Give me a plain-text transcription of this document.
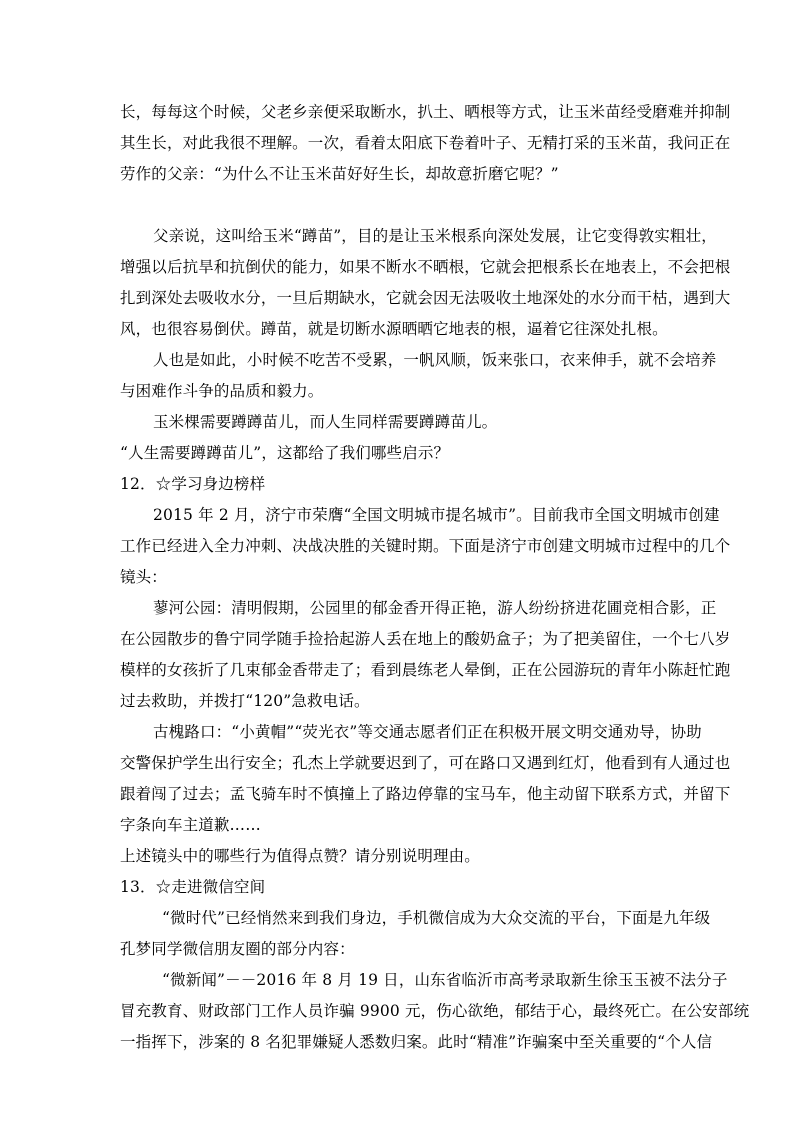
长，每每这个时候，父老乡亲便采取断水，扒土、晒根等方式，让玉米苗经受磨难并抑制
其生长，对此我很不理解。一次，看着太阳底下卷着叶子、无精打采的玉米苗，我问正在
劳作的父亲：“为什么不让玉米苗好好生长，却故意折磨它呢？”
父亲说，这叫给玉米“蹲苗”，目的是让玉米根系向深处发展，让它变得敦实粗壮，
增强以后抗旱和抗倒伏的能力，如果不断水不晒根，它就会把根系长在地表上，不会把根
扎到深处去吸收水分，一旦后期缺水，它就会因无法吸收土地深处的水分而干枯，遇到大
风，也很容易倒伏。蹲苗，就是切断水源晒晒它地表的根，逼着它往深处扎根。
人也是如此，小时候不吃苦不受累，一帆风顺，饭来张口，衣来伸手，就不会培养
与困难作斗争的品质和毅力。
玉米棵需要蹲蹲苗儿，而人生同样需要蹲蹲苗儿。
“人生需要蹲蹲苗儿”，这都给了我们哪些启示？
12．☆学习身边榜样
2015 年 2 月，济宁市荣膺“全国文明城市提名城市”。目前我市全国文明城市创建
工作已经进入全力冲刺、决战决胜的关键时期。下面是济宁市创建文明城市过程中的几个
镜头：
蓼河公园：清明假期，公园里的郁金香开得正艳，游人纷纷挤进花圃竞相合影，正
在公园散步的鲁宁同学随手捡拾起游人丢在地上的酸奶盒子；为了把美留住，一个七八岁
模样的女孩折了几束郁金香带走了；看到晨练老人晕倒，正在公园游玩的青年小陈赶忙跑
过去救助，并拨打“120”急救电话。
古槐路口：“小黄帽”“荧光衣”等交通志愿者们正在积极开展文明交通劝导，协助
交警保护学生出行安全；孔杰上学就要迟到了，可在路口又遇到红灯，他看到有人通过也
跟着闯了过去；孟飞骑车时不慎撞上了路边停靠的宝马车，他主动留下联系方式，并留下
字条向车主道歉……
上述镜头中的哪些行为值得点赞？请分别说明理由。
13．☆走进微信空间
“微时代”已经悄然来到我们身边，手机微信成为大众交流的平台，下面是九年级
孔梦同学微信朋友圈的部分内容：
“微新闻”－－2016 年 8 月 19 日，山东省临沂市高考录取新生徐玉玉被不法分子
冒充教育、财政部门工作人员诈骗 9900 元，伤心欲绝，郁结于心，最终死亡。在公安部统
一指挥下，涉案的 8 名犯罪嫌疑人悉数归案。此时“精准”诈骗案中至关重要的“个人信
